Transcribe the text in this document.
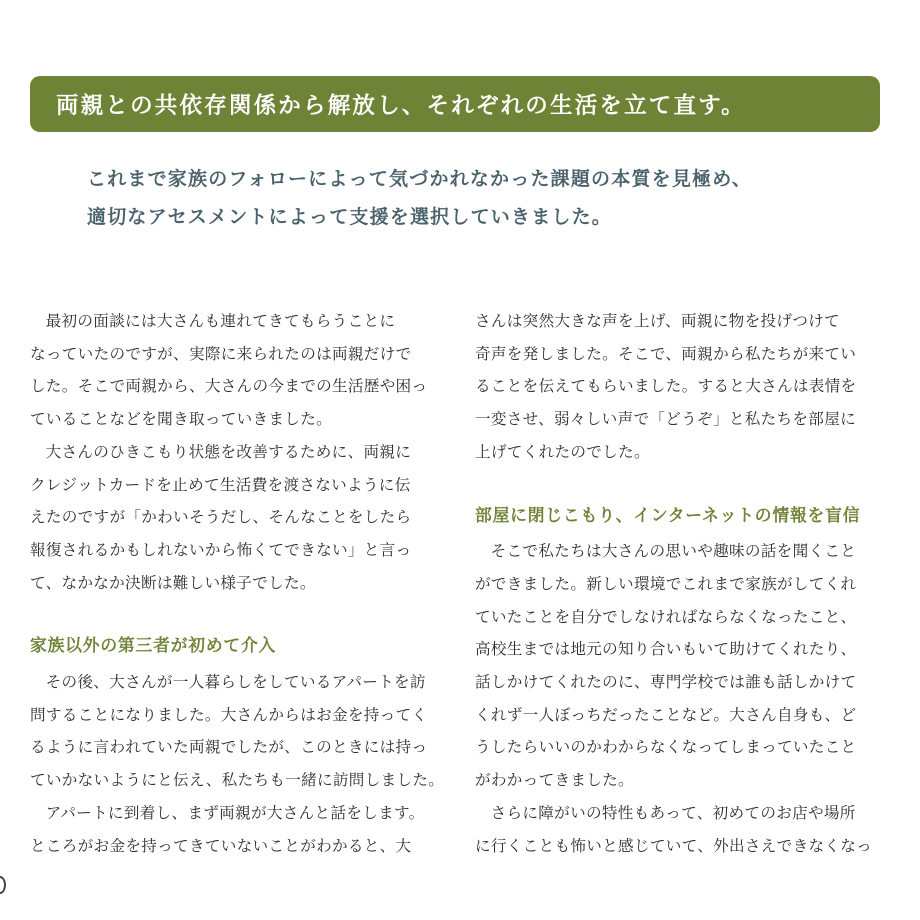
両親との共依存関係から解放し、それぞれの生活を立て直す。

これまで家族のフォローによって気づかれなかった課題の本質を見極め、

適切なアセスメントによって支援を選択していきました。

最初の面談には大さんも連れてきてもらうことに
なっていたのですが、実際に来られたのは両親だけで
した。そこで両親から、大さんの今までの生活歴や困っ
ていることなどを聞き取っていきました。

大さんのひきこもり状態を改善するために、両親に
クレジットカードを止めて生活費を渡さないように伝
えたのですが「かわいそうだし、そんなことをしたら
報復されるかもしれないから怖くてできない」と言っ
て、なかなか決断は難しい様子でした。

家族以外の第三者が初めて介入

その後、大さんが一人暮らしをしているアパートを訪
問することになりました。大さんからはお金を持ってく
るように言われていた両親でしたが、このときには持っ
ていかないようにと伝え、私たちも一緒に訪問しました。

アパートに到着し、まず両親が大さんと話をします。
ところがお金を持ってきていないことがわかると、大

さんは突然大きな声を上げ、両親に物を投げつけて
奇声を発しました。そこで、両親から私たちが来てい
ることを伝えてもらいました。すると大さんは表情を
一変させ、弱々しい声で「どうぞ」と私たちを部屋に
上げてくれたのでした。

部屋に閉じこもり、インターネットの情報を盲信

そこで私たちは大さんの思いや趣味の話を聞くこと
ができました。新しい環境でこれまで家族がしてくれ
ていたことを自分でしなければならなくなったこと、
高校生までは地元の知り合いもいて助けてくれたり、
話しかけてくれたのに、専門学校では誰も話しかけて
くれず一人ぼっちだったことなど。大さん自身も、ど
うしたらいいのかわからなくなってしまっていたこと
がわかってきました。

さらに障がいの特性もあって、初めてのお店や場所
に行くことも怖いと感じていて、外出さえできなくなっ
